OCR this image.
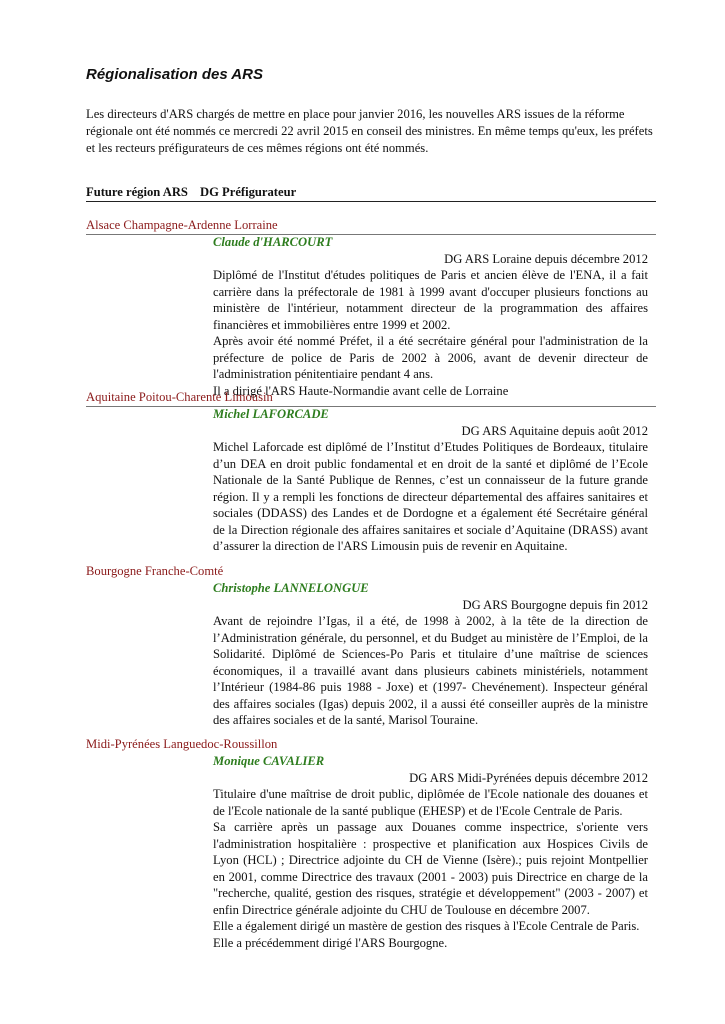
Régionalisation des ARS

Les directeurs d'ARS chargés de mettre en place pour janvier 2016, les nouvelles ARS issues de la réforme régionale ont été nommés ce mercredi 22 avril 2015 en conseil des ministres. En même temps qu'eux, les préfets et les recteurs préfigurateurs de ces mêmes régions ont été nommés.

Future région ARS DG Préfigurateur
Alsace Champagne-Ardenne Lorraine
Claude d'HARCOURT
DG ARS Loraine depuis décembre 2012

Diplômé de l'Institut d'études politiques de Paris et ancien élève de l'ENA, il a fait carrière dans la préfectorale de 1981 à 1999 avant d'occuper plusieurs fonctions au ministère de l'intérieur, notamment directeur de la programmation des affaires financières et immobilières entre 1999 et 2002.

Après avoir été nommé Préfet, il a été secrétaire général pour l'administration de la préfecture de police de Paris de 2002 à 2006, avant de devenir directeur de l'administration pénitentiaire pendant 4 ans.

Il a dirigé l'ARS Haute-Normandie avant celle de Lorraine

Aquitaine Poitou-Charente Limousin
Michel LAFORCADE
DG ARS Aquitaine depuis août 2012

Michel Laforcade est diplômé de l’Institut d’Etudes Politiques de Bordeaux, titulaire d’un DEA en droit public fondamental et en droit de la santé et diplômé de l’Ecole Nationale de la Santé Publique de Rennes, c’est un connaisseur de la future grande région. Il y a rempli les fonctions de directeur départemental des affaires sanitaires et sociales (DDASS) des Landes et de Dordogne et a également été Secrétaire général de la Direction régionale des affaires sanitaires et sociale d’Aquitaine (DRASS) avant d’assurer la direction de l'ARS Limousin puis de revenir en Aquitaine.

Bourgogne Franche-Comté
Christophe LANNELONGUE
DG ARS Bourgogne depuis fin 2012

Avant de rejoindre l’Igas, il a été, de 1998 à 2002, à la tête de la direction de l’Administration générale, du personnel, et du Budget au ministère de l’Emploi, de la Solidarité. Diplômé de Sciences-Po Paris et titulaire d’une maîtrise de sciences économiques, il a travaillé avant dans plusieurs cabinets ministériels, notamment l’Intérieur (1984-86 puis 1988 - Joxe) et (1997- Chevénement). Inspecteur général des affaires sociales (Igas) depuis 2002, il a aussi été conseiller auprès de la ministre des affaires sociales et de la santé, Marisol Touraine.

Midi-Pyrénées Languedoc-Roussillon
Monique CAVALIER
DG ARS Midi-Pyrénées depuis décembre 2012

Titulaire d'une maîtrise de droit public, diplômée de l'Ecole nationale des douanes et de l'Ecole nationale de la santé publique (EHESP) et de l'Ecole Centrale de Paris.

Sa carrière après un passage aux Douanes comme inspectrice, s'oriente vers l'administration hospitalière : prospective et planification aux Hospices Civils de Lyon (HCL) ; Directrice adjointe du CH de Vienne (Isère).; puis rejoint Montpellier en 2001, comme Directrice des travaux (2001 - 2003) puis Directrice en charge de la "recherche, qualité, gestion des risques, stratégie et développement" (2003 - 2007) et enfin Directrice générale adjointe du CHU de Toulouse en décembre 2007.

Elle a également dirigé un mastère de gestion des risques à l'Ecole Centrale de Paris.

Elle a précédemment dirigé l'ARS Bourgogne.
